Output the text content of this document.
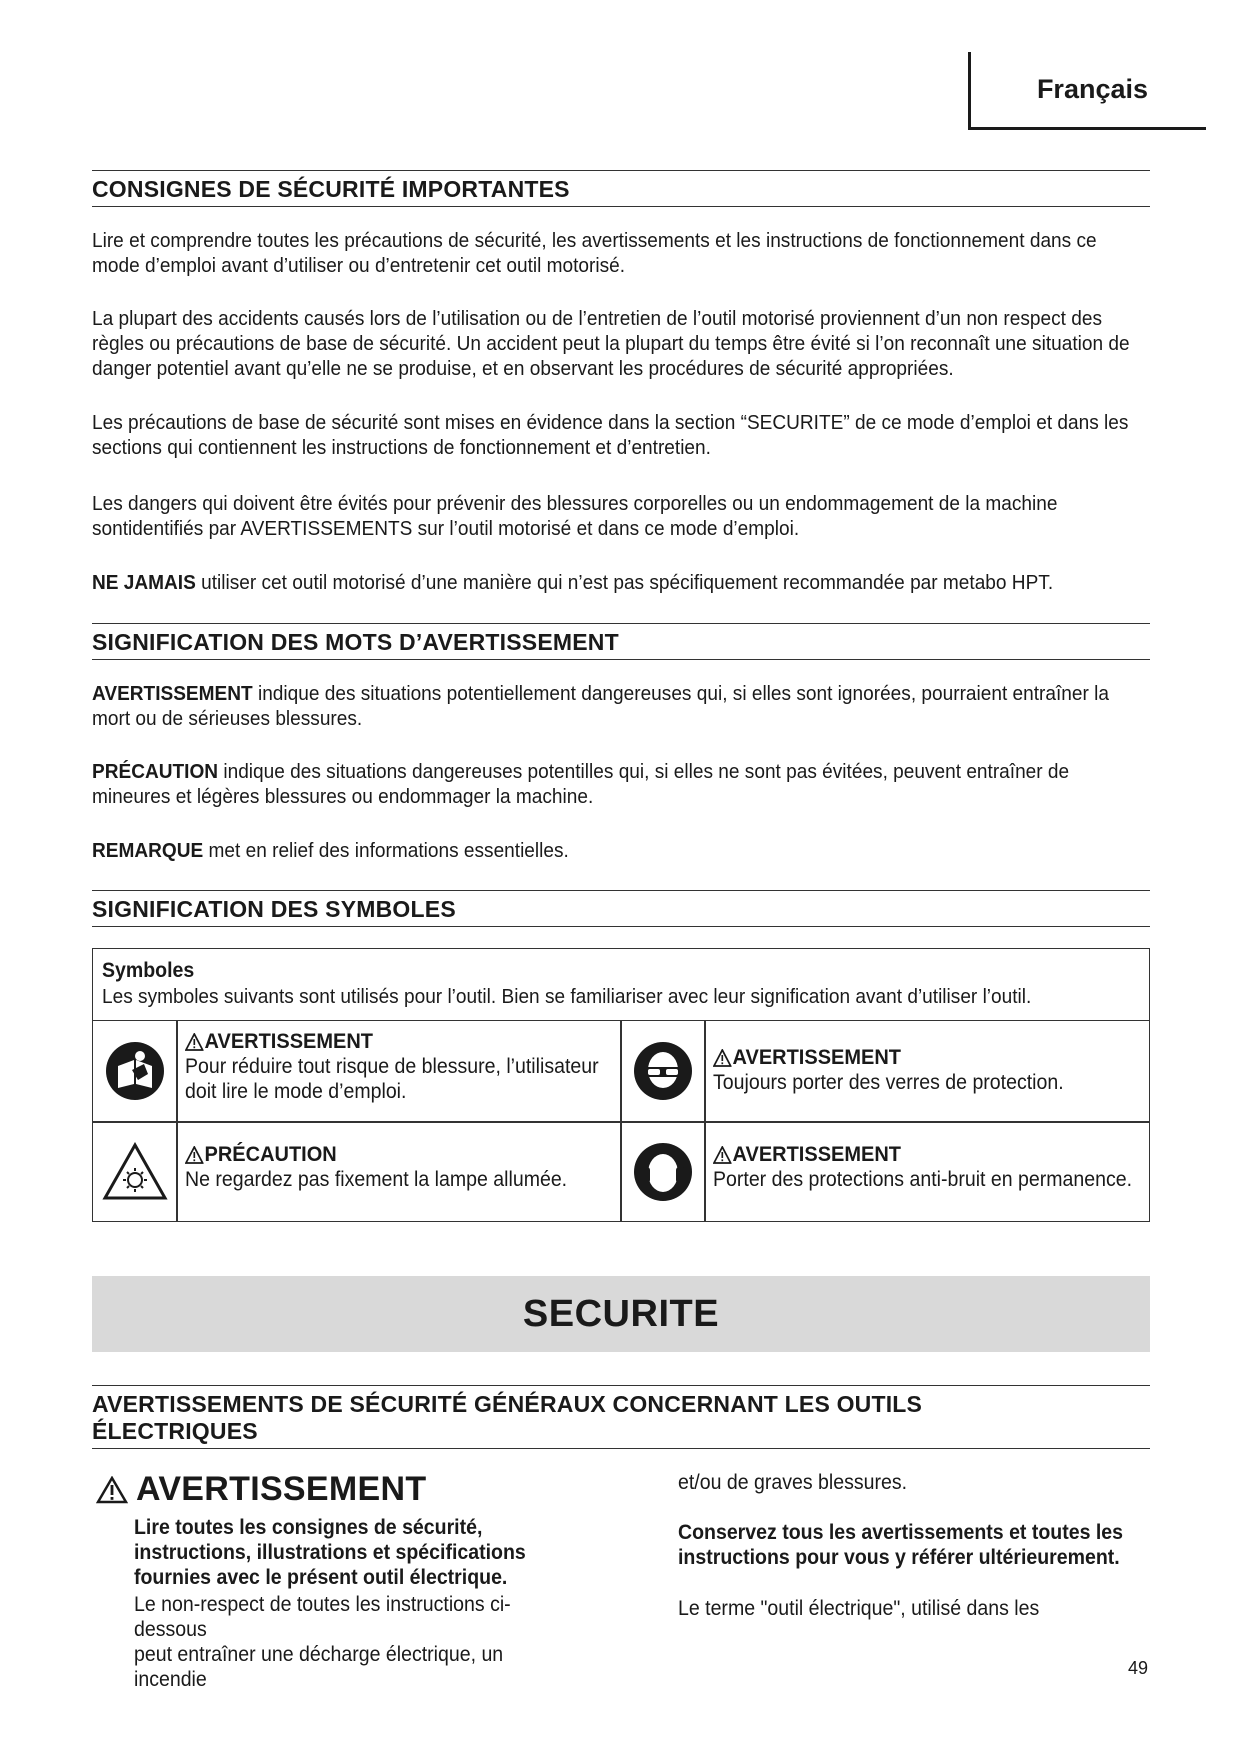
Français
CONSIGNES DE SÉCURITÉ IMPORTANTES
Lire et comprendre toutes les précautions de sécurité, les avertissements et les instructions de fonctionnement dans ce mode d’emploi avant d’utiliser ou d’entretenir cet outil motorisé.
La plupart des accidents causés lors de l’utilisation ou de l’entretien de l’outil motorisé proviennent d’un non respect des règles ou précautions de base de sécurité. Un accident peut la plupart du temps être évité si l’on reconnaît une situation de danger potentiel avant qu’elle ne se produise, et en observant les procédures de sécurité appropriées.
Les précautions de base de sécurité sont mises en évidence dans la section “SECURITE” de ce mode d’emploi et dans les sections qui contiennent les instructions de fonctionnement et d’entretien.
Les dangers qui doivent être évités pour prévenir des blessures corporelles ou un endommagement de la machine sontidentifiés par AVERTISSEMENTS sur l’outil motorisé et dans ce mode d’emploi.
NE JAMAIS utiliser cet outil motorisé d’une manière qui n’est pas spécifiquement recommandée par metabo HPT.
SIGNIFICATION DES MOTS D’AVERTISSEMENT
AVERTISSEMENT indique des situations potentiellement dangereuses qui, si elles sont ignorées, pourraient entraîner la mort ou de sérieuses blessures.
PRÉCAUTION indique des situations dangereuses potentilles qui, si elles ne sont pas évitées, peuvent entraîner de mineures et légères blessures ou endommager la machine.
REMARQUE met en relief des informations essentielles.
SIGNIFICATION DES SYMBOLES
Symboles
Les symboles suivants sont utilisés pour l’outil. Bien se familiariser avec leur signification avant d’utiliser l’outil.
AVERTISSEMENT
Pour réduire tout risque de blessure, l’utilisateur
doit lire le mode d’emploi.
AVERTISSEMENT
Toujours porter des verres de protection.
PRÉCAUTION
Ne regardez pas fixement la lampe allumée.
AVERTISSEMENT
Porter des protections anti-bruit en permanence.
SECURITE
AVERTISSEMENTS DE SÉCURITÉ GÉNÉRAUX CONCERNANT LES OUTILS
ÉLECTRIQUES
AVERTISSEMENT
Lire toutes les consignes de sécurité,
instructions, illustrations et spécifications
fournies avec le présent outil électrique.
Le non-respect de toutes les instructions ci-dessous
peut entraîner une décharge électrique, un incendie
et/ou de graves blessures.
Conservez tous les avertissements et toutes les
instructions pour vous y référer ultérieurement.
Le terme "outil électrique", utilisé dans les
49
